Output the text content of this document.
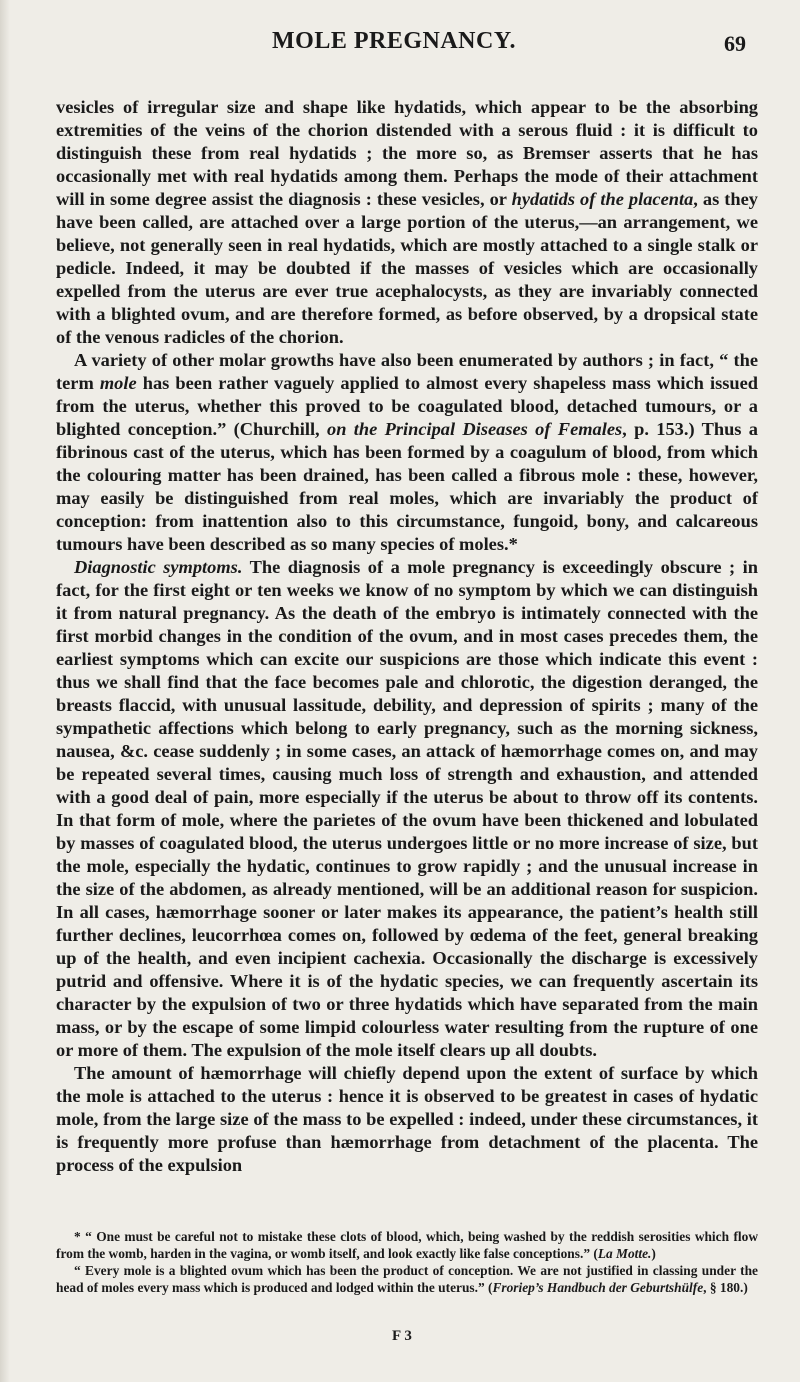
MOLE PREGNANCY.	69

vesicles of irregular size and shape like hydatids, which appear to be the absorbing extremities of the veins of the chorion distended with a serous fluid : it is difficult to distinguish these from real hydatids ; the more so, as Bremser asserts that he has occasionally met with real hydatids among them. Perhaps the mode of their attachment will in some degree assist the diagnosis : these vesicles, or hydatids of the placenta, as they have been called, are attached over a large portion of the uterus,—an arrangement, we believe, not generally seen in real hydatids, which are mostly attached to a single stalk or pedicle. Indeed, it may be doubted if the masses of vesicles which are occasionally expelled from the uterus are ever true acephalocysts, as they are invariably connected with a blighted ovum, and are therefore formed, as before observed, by a dropsical state of the venous radicles of the chorion.

A variety of other molar growths have also been enumerated by authors ; in fact, “ the term mole has been rather vaguely applied to almost every shapeless mass which issued from the uterus, whether this proved to be coagulated blood, detached tumours, or a blighted conception.” (Churchill, on the Principal Diseases of Females, p. 153.) Thus a fibrinous cast of the uterus, which has been formed by a coagulum of blood, from which the colouring matter has been drained, has been called a fibrous mole : these, however, may easily be distinguished from real moles, which are invariably the product of conception: from inattention also to this circumstance, fungoid, bony, and calcareous tumours have been described as so many species of moles.*

Diagnostic symptoms. The diagnosis of a mole pregnancy is exceedingly obscure ; in fact, for the first eight or ten weeks we know of no symptom by which we can distinguish it from natural pregnancy. As the death of the embryo is intimately connected with the first morbid changes in the condition of the ovum, and in most cases precedes them, the earliest symptoms which can excite our suspicions are those which indicate this event : thus we shall find that the face becomes pale and chlorotic, the digestion deranged, the breasts flaccid, with unusual lassitude, debility, and depression of spirits ; many of the sympathetic affections which belong to early pregnancy, such as the morning sickness, nausea, &c. cease suddenly ; in some cases, an attack of hæmorrhage comes on, and may be repeated several times, causing much loss of strength and exhaustion, and attended with a good deal of pain, more especially if the uterus be about to throw off its contents. In that form of mole, where the parietes of the ovum have been thickened and lobulated by masses of coagulated blood, the uterus undergoes little or no more increase of size, but the mole, especially the hydatic, continues to grow rapidly ; and the unusual increase in the size of the abdomen, as already mentioned, will be an additional reason for suspicion. In all cases, hæmorrhage sooner or later makes its appearance, the patient’s health still further declines, leucorrhœa comes on, followed by œdema of the feet, general breaking up of the health, and even incipient cachexia. Occasionally the discharge is excessively putrid and offensive. Where it is of the hydatic species, we can frequently ascertain its character by the expulsion of two or three hydatids which have separated from the main mass, or by the escape of some limpid colourless water resulting from the rupture of one or more of them. The expulsion of the mole itself clears up all doubts.

The amount of hæmorrhage will chiefly depend upon the extent of surface by which the mole is attached to the uterus : hence it is observed to be greatest in cases of hydatic mole, from the large size of the mass to be expelled : indeed, under these circumstances, it is frequently more profuse than hæmorrhage from detachment of the placenta. The process of the expulsion

* “ One must be careful not to mistake these clots of blood, which, being washed by the reddish serosities which flow from the womb, harden in the vagina, or womb itself, and look exactly like false conceptions.” (La Motte.)

“ Every mole is a blighted ovum which has been the product of conception. We are not justified in classing under the head of moles every mass which is produced and lodged within the uterus.” (Froriep’s Handbuch der Geburtshülfe, § 180.)

F 3
